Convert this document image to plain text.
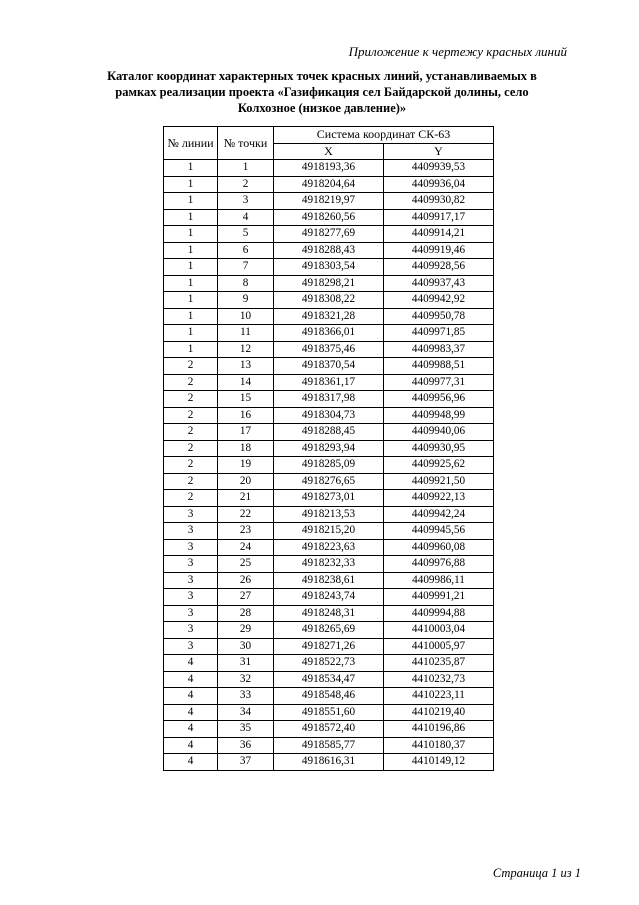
Приложение к чертежу красных линий
Каталог координат характерных точек красных линий, устанавливаемых в
рамках реализации проекта «Газификация сел Байдарской долины, село
Колхозное (низкое давление)»
№ линии	№ точки	Система координат СК-63	
		X	Y
1	1	4918193,36	4409939,53
1	2	4918204,64	4409936,04
1	3	4918219,97	4409930,82
1	4	4918260,56	4409917,17
1	5	4918277,69	4409914,21
1	6	4918288,43	4409919,46
1	7	4918303,54	4409928,56
1	8	4918298,21	4409937,43
1	9	4918308,22	4409942,92
1	10	4918321,28	4409950,78
1	11	4918366,01	4409971,85
1	12	4918375,46	4409983,37
2	13	4918370,54	4409988,51
2	14	4918361,17	4409977,31
2	15	4918317,98	4409956,96
2	16	4918304,73	4409948,99
2	17	4918288,45	4409940,06
2	18	4918293,94	4409930,95
2	19	4918285,09	4409925,62
2	20	4918276,65	4409921,50
2	21	4918273,01	4409922,13
3	22	4918213,53	4409942,24
3	23	4918215,20	4409945,56
3	24	4918223,63	4409960,08
3	25	4918232,33	4409976,88
3	26	4918238,61	4409986,11
3	27	4918243,74	4409991,21
3	28	4918248,31	4409994,88
3	29	4918265,69	4410003,04
3	30	4918271,26	4410005,97
4	31	4918522,73	4410235,87
4	32	4918534,47	4410232,73
4	33	4918548,46	4410223,11
4	34	4918551,60	4410219,40
4	35	4918572,40	4410196,86
4	36	4918585,77	4410180,37
4	37	4918616,31	4410149,12
Страница 1 из 1
